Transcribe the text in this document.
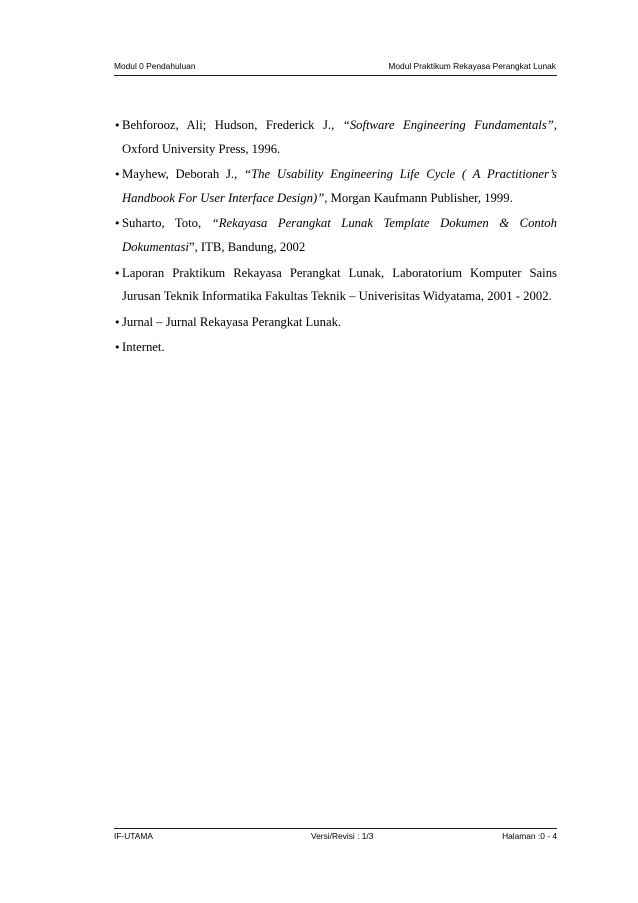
Modul 0 Pendahuluan	Modul Praktikum Rekayasa Perangkat Lunak
• Behforooz, Ali; Hudson, Frederick J., “Software Engineering Fundamentals”, Oxford University Press, 1996.
• Mayhew, Deborah J., “The Usability Engineering Life Cycle ( A Practitioner’s Handbook For User Interface Design)”, Morgan Kaufmann Publisher, 1999.
• Suharto, Toto, “Rekayasa Perangkat Lunak Template Dokumen & Contoh Dokumentasi”, ITB, Bandung, 2002
• Laporan Praktikum Rekayasa Perangkat Lunak, Laboratorium Komputer Sains Jurusan Teknik Informatika Fakultas Teknik – Univerisitas Widyatama, 2001 - 2002.
• Jurnal – Jurnal Rekayasa Perangkat Lunak.
• Internet.
IF-UTAMA	Versi/Revisi : 1/3	Halaman :0 - 4
